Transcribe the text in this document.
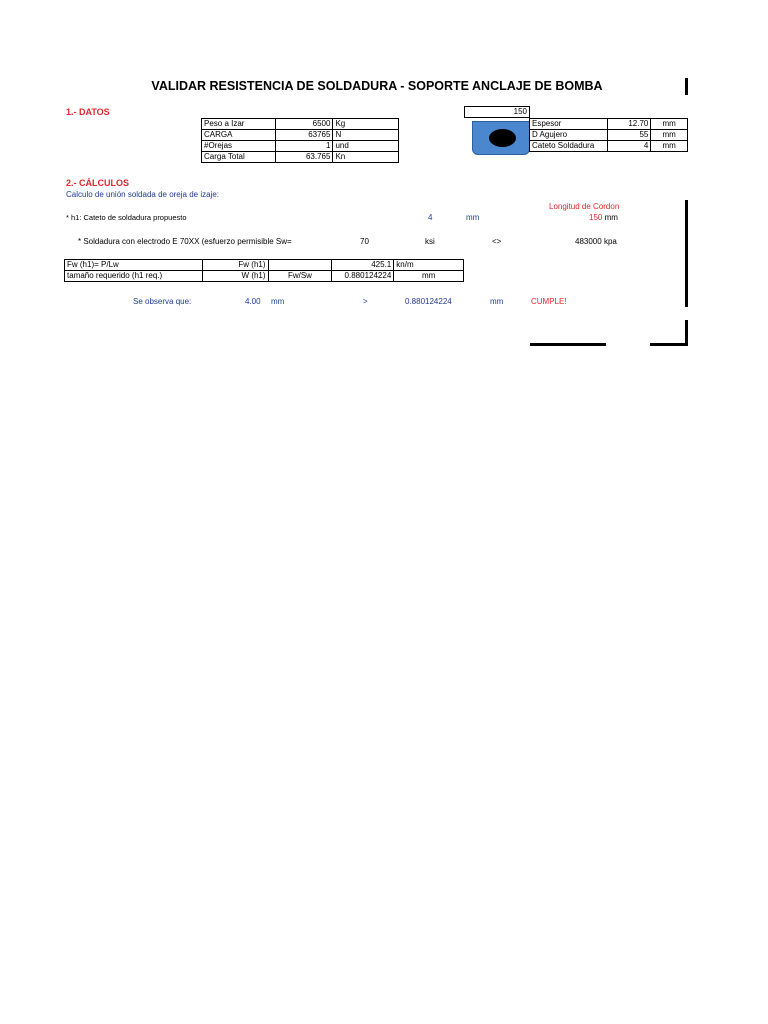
VALIDAR RESISTENCIA DE SOLDADURA - SOPORTE ANCLAJE DE BOMBA
1.- DATOS
Peso a Izar	6500	Kg
CARGA	63765	N
#Orejas	1	und
Carga Total	63.765	Kn
150
Espesor	12.70	mm
D Agujero	55	mm
Cateto Soldadura	4	mm
2.- CÁLCULOS
Calculo de unión soldada de oreja de izaje:
Longitud de Cordon
150 mm
* h1: Cateto de soldadura propuesto	4	mm
* Soldadura con electrodo E 70XX (esfuerzo permisible Sw=	70	ksi	<>	483000 kpa
Fw (h1)= P/Lw	Fw (h1)		425.1	kn/m
tamaño requerido (h1 req.)	W (h1)	Fw/Sw	0.880124224	mm
Se observa que:	4.00 mm	>	0.880124224	mm	CUMPLE!
